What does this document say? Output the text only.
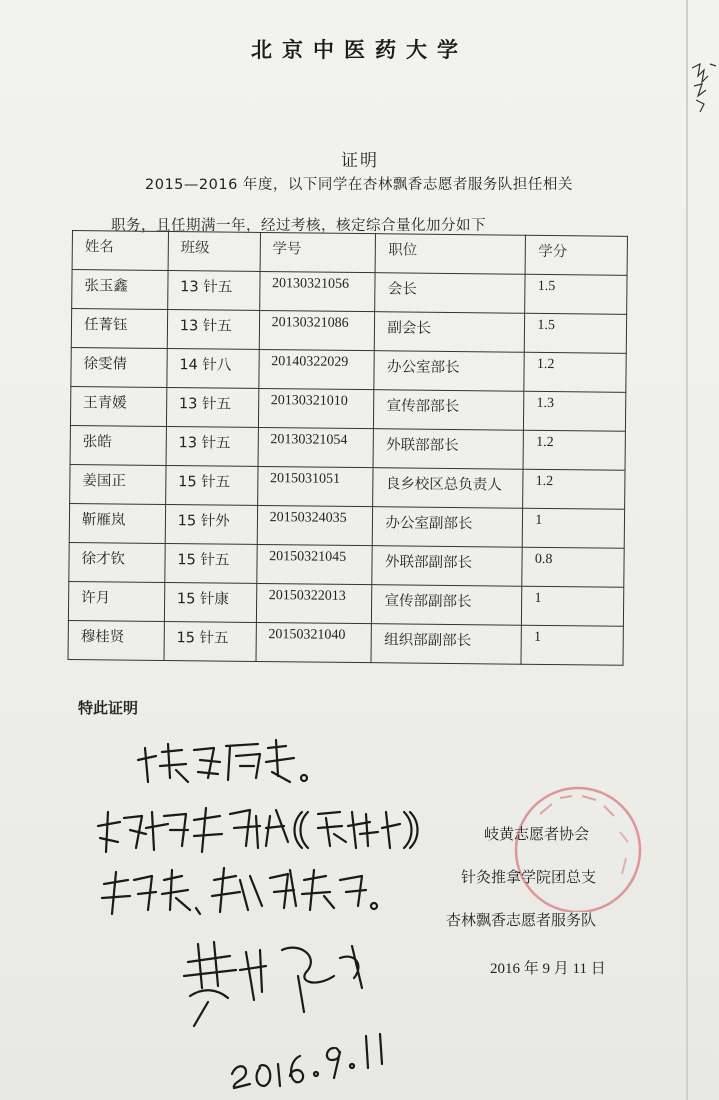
北京中医药大学
证明
2015—2016 年度，以下同学在杏林飘香志愿者服务队担任相关
职务，且任期满一年，经过考核，核定综合量化加分如下
姓名	班级	学号	职位	学分
张玉鑫	13 针五	20130321056	会长	1.5
任菁钰	13 针五	20130321086	副会长	1.5
徐雯倩	14 针八	20140322029	办公室部长	1.2
王青媛	13 针五	20130321010	宣传部部长	1.3
张皓	13 针五	20130321054	外联部部长	1.2
姜国正	15 针五	2015031051	良乡校区总负责人	1.2
靳雁岚	15 针外	20150324035	办公室副部长	1
徐才钦	15 针五	20150321045	外联部副部长	0.8
许月	15 针康	20150322013	宣传部副部长	1
穆桂贤	15 针五	20150321040	组织部副部长	1
特此证明
岐黄志愿者协会
针灸推拿学院团总支
杏林飘香志愿者服务队
2016 年 9 月 11 日
